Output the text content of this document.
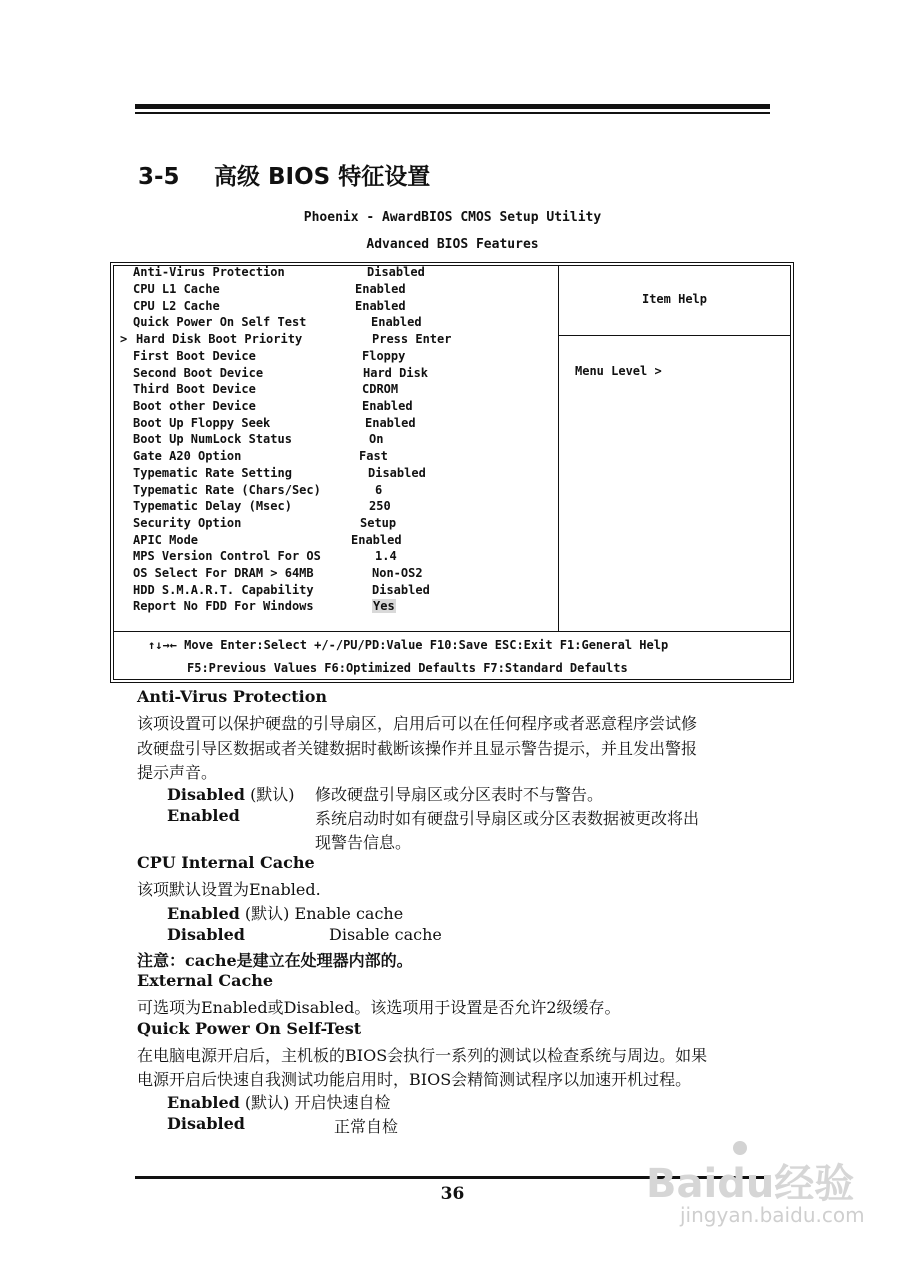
3-5 高级 BIOS 特征设置
Phoenix - AwardBIOS CMOS Setup Utility
Advanced BIOS Features
Anti-Virus Protection	Disabled
CPU L1 Cache	Enabled
CPU L2 Cache	Enabled
Quick Power On Self Test	Enabled
> Hard Disk Boot Priority	Press Enter
First Boot Device	Floppy
Second Boot Device	Hard Disk
Third Boot Device	CDROM
Boot other Device	Enabled
Boot Up Floppy Seek	Enabled
Boot Up NumLock Status	On
Gate A20 Option	Fast
Typematic Rate Setting	Disabled
Typematic Rate (Chars/Sec)	6
Typematic Delay (Msec)	250
Security Option	Setup
APIC Mode	Enabled
MPS Version Control For OS	1.4
OS Select For DRAM > 64MB	Non-OS2
HDD S.M.A.R.T. Capability	Disabled
Report No FDD For Windows	Yes
Item Help
Menu Level >
↑↓→← Move Enter:Select +/-/PU/PD:Value F10:Save ESC:Exit F1:General Help
F5:Previous Values F6:Optimized Defaults F7:Standard Defaults
Anti-Virus Protection
该项设置可以保护硬盘的引导扇区，启用后可以在任何程序或者恶意程序尝试修
改硬盘引导区数据或者关键数据时截断该操作并且显示警告提示，并且发出警报
提示声音。
Disabled (默认) 修改硬盘引导扇区或分区表时不与警告。
Enabled	系统启动时如有硬盘引导扇区或分区表数据被更改将出
现警告信息。
CPU Internal Cache
该项默认设置为Enabled.
Enabled (默认) Enable cache
Disabled	Disable cache
注意：cache是建立在处理器内部的。
External Cache
可选项为Enabled或Disabled。该选项用于设置是否允许2级缓存。
Quick Power On Self-Test
在电脑电源开启后，主机板的BIOS会执行一系列的测试以检查系统与周边。如果
电源开启后快速自我测试功能启用时，BIOS会精简测试程序以加速开机过程。
Enabled (默认) 开启快速自检
Disabled	正常自检
36	Baidu经验
jingyan.baidu.com
